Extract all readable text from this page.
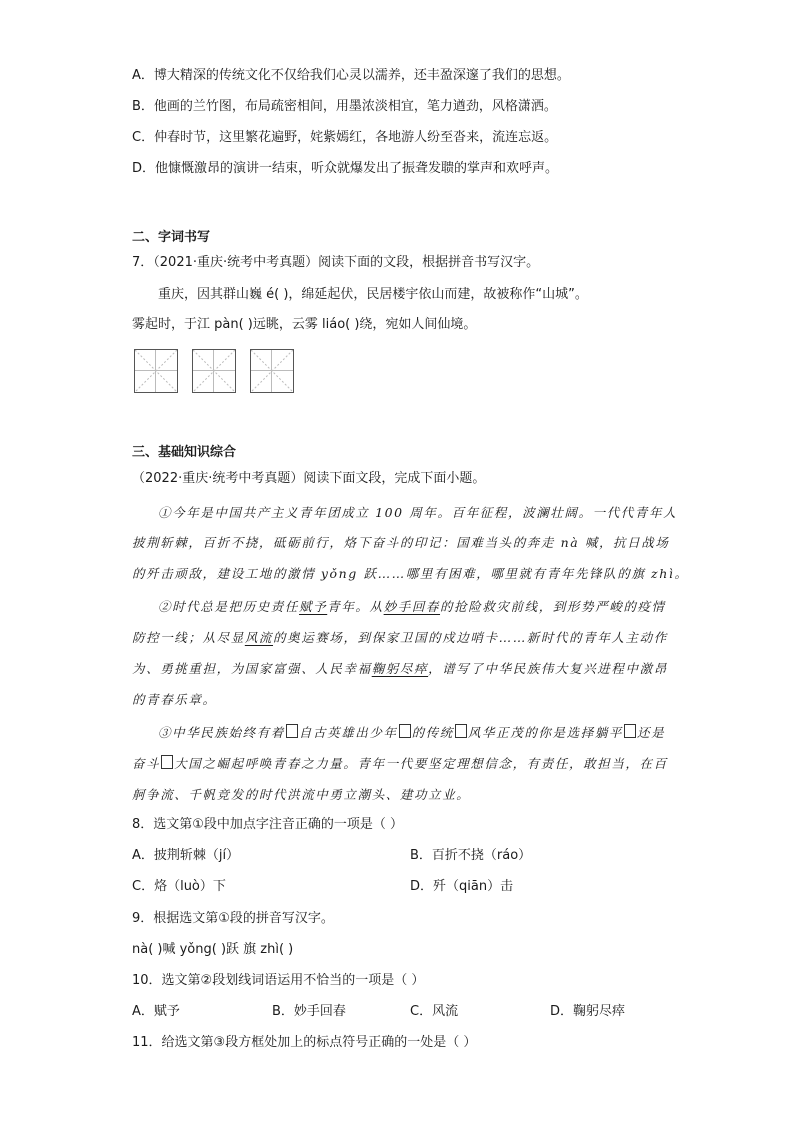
A．博大精深的传统文化不仅给我们心灵以濡养，还丰盈深邃了我们的思想。
B．他画的兰竹图，布局疏密相间，用墨浓淡相宜，笔力遒劲，风格潇洒。
C．仲春时节，这里繁花遍野，姹紫嫣红，各地游人纷至沓来，流连忘返。
D．他慷慨激昂的演讲一结束，听众就爆发出了振聋发聩的掌声和欢呼声。
二、字词书写
7．（2021·重庆·统考中考真题）阅读下面的文段，根据拼音书写汉字。
重庆，因其群山巍 é( )，绵延起伏，民居楼宇依山而建，故被称作“山城”。
雾起时，于江 pàn( )远眺，云雾 liáo( )绕，宛如人间仙境。
三、基础知识综合
（2022·重庆·统考中考真题）阅读下面文段，完成下面小题。
①今年是中国共产主义青年团成立 100 周年。百年征程，波澜壮阔。一代代青年人
披荆斩棘，百折不挠，砥砺前行，烙下奋斗的印记：国难当头的奔走 nà 喊，抗日战场
的歼击顽敌，建设工地的激情 yǒng 跃……哪里有困难，哪里就有青年先锋队的旗 zhì。
②时代总是把历史责任赋予青年。从妙手回春的抢险救灾前线，到形势严峻的疫情
防控一线；从尽显风流的奥运赛场，到保家卫国的戍边哨卡……新时代的青年人主动作
为、勇挑重担，为国家富强、人民幸福鞠躬尽瘁，谱写了中华民族伟大复兴进程中激昂
的青春乐章。
③中华民族始终有着 自古英雄出少年 的传统 风华正茂的你是选择躺平 还是
奋斗 大国之崛起呼唤青春之力量。青年一代要坚定理想信念，有责任，敢担当，在百
舸争流、千帆竞发的时代洪流中勇立潮头、建功立业。
8．选文第①段中加点字注音正确的一项是（ ）
A．披荆斩棘（jí）	B．百折不挠（ráo）
C．烙（luò）下	D．歼（qiān）击
9．根据选文第①段的拼音写汉字。
nà( )喊 yǒng( )跃 旗 zhì( )
10．选文第②段划线词语运用不恰当的一项是（ ）
A．赋予	B．妙手回春	C．风流	D．鞠躬尽瘁
11．给选文第③段方框处加上的标点符号正确的一处是（ ）
